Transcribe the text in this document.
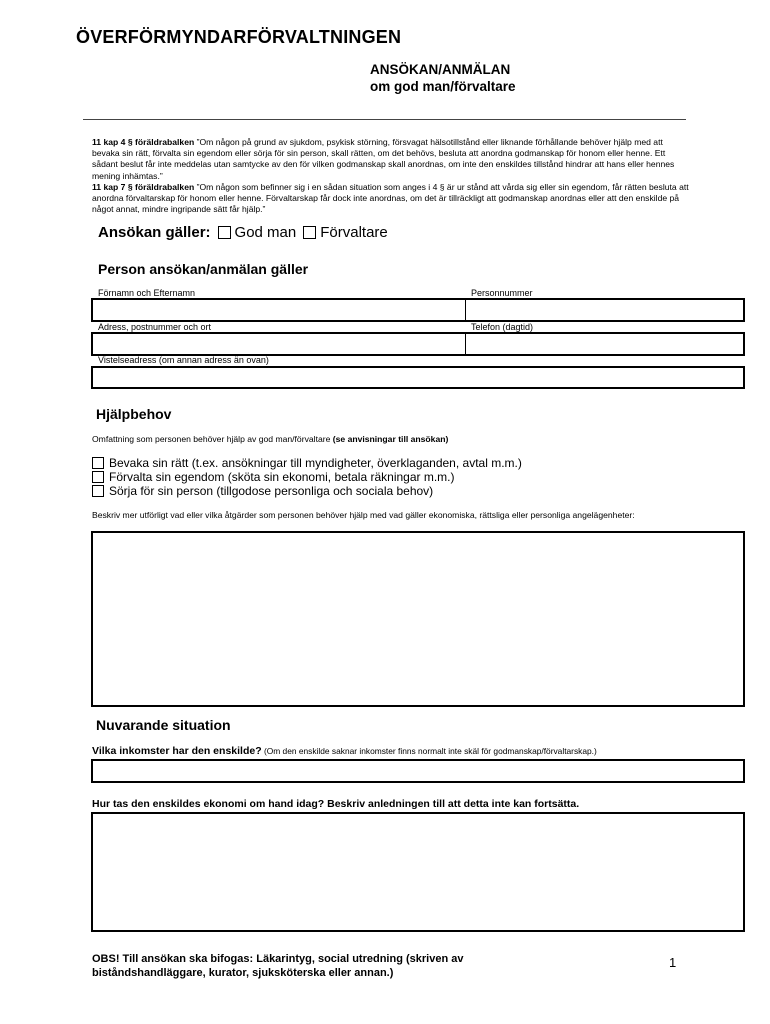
ÖVERFÖRMYNDARFÖRVALTNINGEN
ANSÖKAN/ANMÄLAN
om god man/förvaltare
11 kap 4 § föräldrabalken ”Om någon på grund av sjukdom, psykisk störning, försvagat hälsotillstånd eller liknande förhållande behöver hjälp med att bevaka sin rätt, förvalta sin egendom eller sörja för sin person, skall rätten, om det behövs, besluta att anordna godmanskap för honom eller henne. Ett sådant beslut får inte meddelas utan samtycke av den för vilken godmanskap skall anordnas, om inte den enskildes tillstånd hindrar att hans eller hennes mening inhämtas.”
11 kap 7 § föräldrabalken ”Om någon som befinner sig i en sådan situation som anges i 4 § är ur stånd att vårda sig eller sin egendom, får rätten besluta att anordna förvaltarskap för honom eller henne. Förvaltarskap får dock inte anordnas, om det är tillräckligt att godmanskap anordnas eller att den enskilde på något annat, mindre ingripande sätt får hjälp.”
Ansökan gäller: God man Förvaltare
Person ansökan/anmälan gäller
Förnamn och Efternamn	Personnummer
Adress, postnummer och ort	Telefon (dagtid)
Vistelseadress (om annan adress än ovan)
Hjälpbehov
Omfattning som personen behöver hjälp av god man/förvaltare (se anvisningar till ansökan)
Bevaka sin rätt (t.ex. ansökningar till myndigheter, överklaganden, avtal m.m.)
Förvalta sin egendom (sköta sin ekonomi, betala räkningar m.m.)
Sörja för sin person (tillgodose personliga och sociala behov)
Beskriv mer utförligt vad eller vilka åtgärder som personen behöver hjälp med vad gäller ekonomiska, rättsliga eller personliga angelägenheter:
Nuvarande situation
Vilka inkomster har den enskilde? (Om den enskilde saknar inkomster finns normalt inte skäl för godmanskap/förvaltarskap.)
Hur tas den enskildes ekonomi om hand idag? Beskriv anledningen till att detta inte kan fortsätta.
OBS! Till ansökan ska bifogas: Läkarintyg, social utredning (skriven av biståndshandläggare, kurator, sjuksköterska eller annan.)
1
